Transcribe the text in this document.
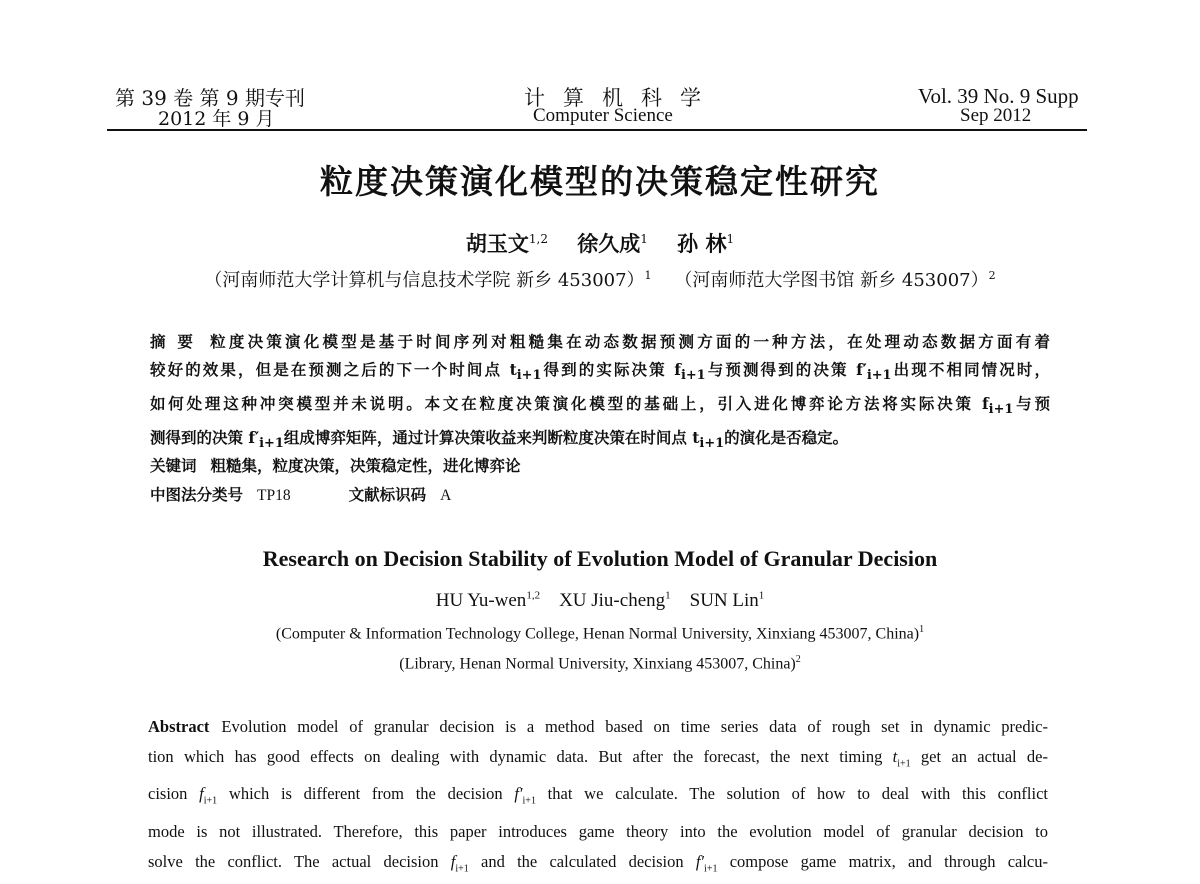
第 39 卷 第 9 期专刊
2012 年 9 月
计算机科学
Computer Science
Vol. 39 No. 9 Supp
Sep 2012
粒度决策演化模型的决策稳定性研究
胡玉文$^{1,2}$ 徐久成$^1$ 孙 林$^1$
（河南师范大学计算机与信息技术学院 新乡 453007）$^1$ （河南师范大学图书馆 新乡 453007）$^2$
摘 要 粒度决策演化模型是基于时间序列对粗糙集在动态数据预测方面的一种方法，在处理动态数据方面有着
较好的效果，但是在预测之后的下一个时间点 $t_{i+1}$得到的实际决策 $f_{i+1}$与预测得到的决策 $f'_{i+1}$出现不相同情况时，
如何处理这种冲突模型并未说明。本文在粒度决策演化模型的基础上，引入进化博弈论方法将实际决策 $f_{i+1}$与预
测得到的决策 $f'_{i+1}$组成博弈矩阵，通过计算决策收益来判断粒度决策在时间点 $t_{i+1}$的演化是否稳定。
关键词 粗糙集，粒度决策，决策稳定性，进化博弈论
中图法分类号 TP18	文献标识码 A
Research on Decision Stability of Evolution Model of Granular Decision
HU Yu-wen$^{1,2}$ XU Jiu-cheng$^1$ SUN Lin$^1$
(Computer & Information Technology College, Henan Normal University, Xinxiang 453007, China)$^1$
(Library, Henan Normal University, Xinxiang 453007, China)$^2$
Abstract Evolution model of granular decision is a method based on time series data of rough set in dynamic predic-
tion which has good effects on dealing with dynamic data. But after the forecast, the next timing $t_{i+1}$ get an actual de-
cision $f_{i+1}$ which is different from the decision $f'_{i+1}$ that we calculate. The solution of how to deal with this conflict
mode is not illustrated. Therefore, this paper introduces game theory into the evolution model of granular decision to
solve the conflict. The actual decision $f_{i+1}$ and the calculated decision $f'_{i+1}$ compose game matrix, and through calcu-
